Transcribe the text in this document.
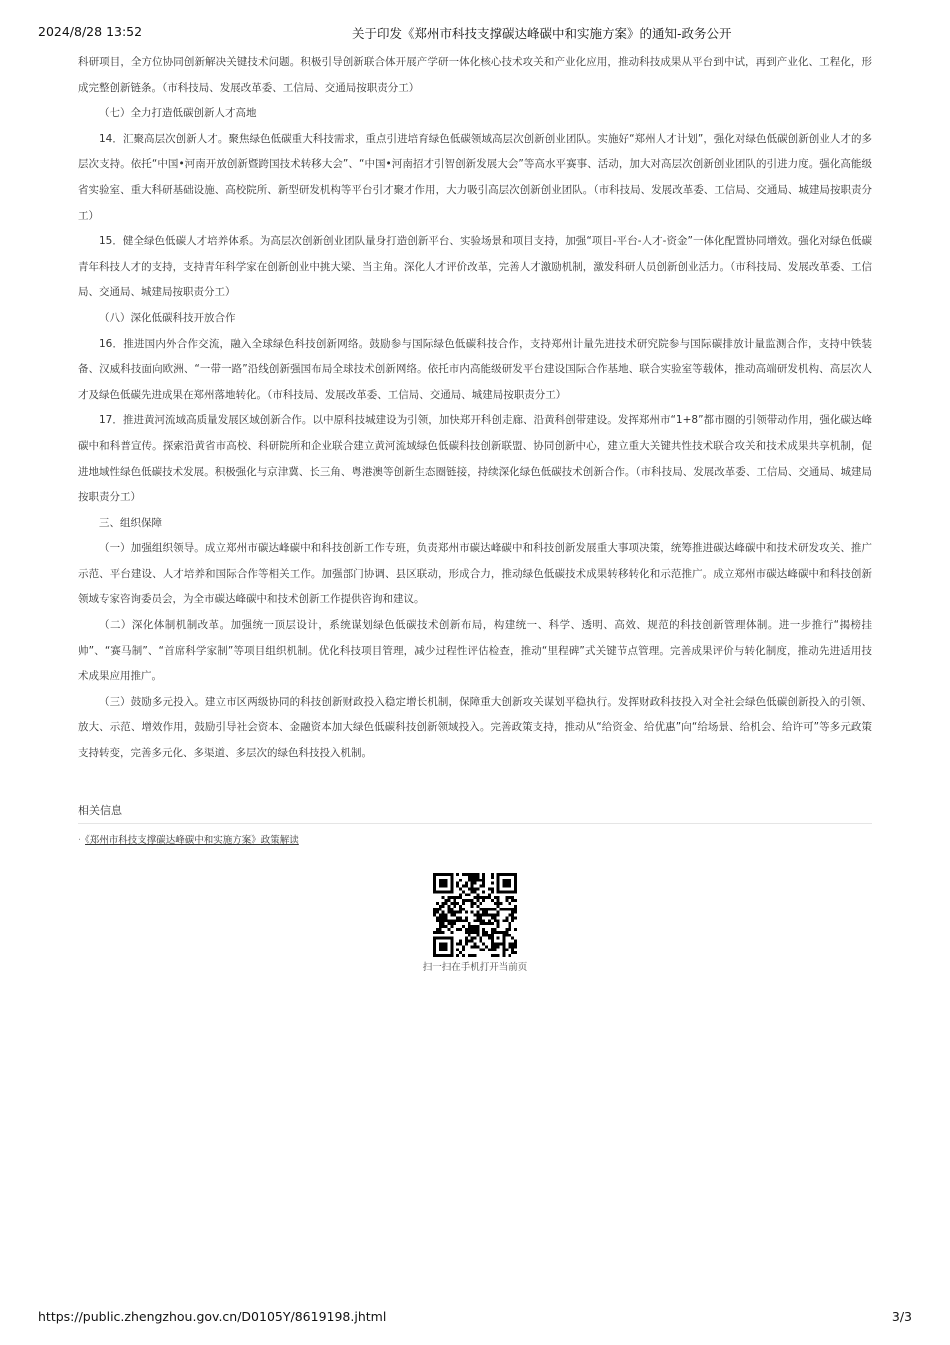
2024/8/28 13:52	关于印发《郑州市科技支撑碳达峰碳中和实施方案》的通知-政务公开

科研项目，全方位协同创新解决关键技术问题。积极引导创新联合体开展产学研一体化核心技术攻关和产业化应用，推动科技成果从平台到中试，再到产业化、工程化，形成完整创新链条。（市科技局、发展改革委、工信局、交通局按职责分工）

（七）全力打造低碳创新人才高地

14．汇聚高层次创新人才。聚焦绿色低碳重大科技需求，重点引进培育绿色低碳领域高层次创新创业团队。实施好“郑州人才计划”，强化对绿色低碳创新创业人才的多层次支持。依托“中国•河南开放创新暨跨国技术转移大会”、“中国•河南招才引智创新发展大会”等高水平赛事、活动，加大对高层次创新创业团队的引进力度。强化高能级省实验室、重大科研基础设施、高校院所、新型研发机构等平台引才聚才作用，大力吸引高层次创新创业团队。（市科技局、发展改革委、工信局、交通局、城建局按职责分工）

15．健全绿色低碳人才培养体系。为高层次创新创业团队量身打造创新平台、实验场景和项目支持，加强“项目-平台-人才-资金”一体化配置协同增效。强化对绿色低碳青年科技人才的支持，支持青年科学家在创新创业中挑大梁、当主角。深化人才评价改革，完善人才激励机制，激发科研人员创新创业活力。（市科技局、发展改革委、工信局、交通局、城建局按职责分工）

（八）深化低碳科技开放合作

16．推进国内外合作交流，融入全球绿色科技创新网络。鼓励参与国际绿色低碳科技合作，支持郑州计量先进技术研究院参与国际碳排放计量监测合作，支持中铁装备、汉威科技面向欧洲、“一带一路”沿线创新强国布局全球技术创新网络。依托市内高能级研发平台建设国际合作基地、联合实验室等载体，推动高端研发机构、高层次人才及绿色低碳先进成果在郑州落地转化。（市科技局、发展改革委、工信局、交通局、城建局按职责分工）

17．推进黄河流域高质量发展区域创新合作。以中原科技城建设为引领，加快郑开科创走廊、沿黄科创带建设。发挥郑州市“1+8”都市圈的引领带动作用，强化碳达峰碳中和科普宣传。探索沿黄省市高校、科研院所和企业联合建立黄河流域绿色低碳科技创新联盟、协同创新中心，建立重大关键共性技术联合攻关和技术成果共享机制，促进地域性绿色低碳技术发展。积极强化与京津冀、长三角、粤港澳等创新生态圈链接，持续深化绿色低碳技术创新合作。（市科技局、发展改革委、工信局、交通局、城建局按职责分工）

三、组织保障

（一）加强组织领导。成立郑州市碳达峰碳中和科技创新工作专班，负责郑州市碳达峰碳中和科技创新发展重大事项决策，统筹推进碳达峰碳中和技术研发攻关、推广示范、平台建设、人才培养和国际合作等相关工作。加强部门协调、县区联动，形成合力，推动绿色低碳技术成果转移转化和示范推广。成立郑州市碳达峰碳中和科技创新领域专家咨询委员会，为全市碳达峰碳中和技术创新工作提供咨询和建议。

（二）深化体制机制改革。加强统一顶层设计，系统谋划绿色低碳技术创新布局，构建统一、科学、透明、高效、规范的科技创新管理体制。进一步推行“揭榜挂帅”、“赛马制”、“首席科学家制”等项目组织机制。优化科技项目管理，减少过程性评估检查，推动“里程碑”式关键节点管理。完善成果评价与转化制度，推动先进适用技术成果应用推广。

（三）鼓励多元投入。建立市区两级协同的科技创新财政投入稳定增长机制，保障重大创新攻关谋划平稳执行。发挥财政科技投入对全社会绿色低碳创新投入的引领、放大、示范、增效作用，鼓励引导社会资本、金融资本加大绿色低碳科技创新领域投入。完善政策支持，推动从“给资金、给优惠”向“给场景、给机会、给许可”等多元政策支持转变，完善多元化、多渠道、多层次的绿色科技投入机制。

相关信息
· 《郑州市科技支撑碳达峰碳中和实施方案》政策解读
扫一扫在手机打开当前页
https://public.zhengzhou.gov.cn/D0105Y/8619198.jhtml	3/3
